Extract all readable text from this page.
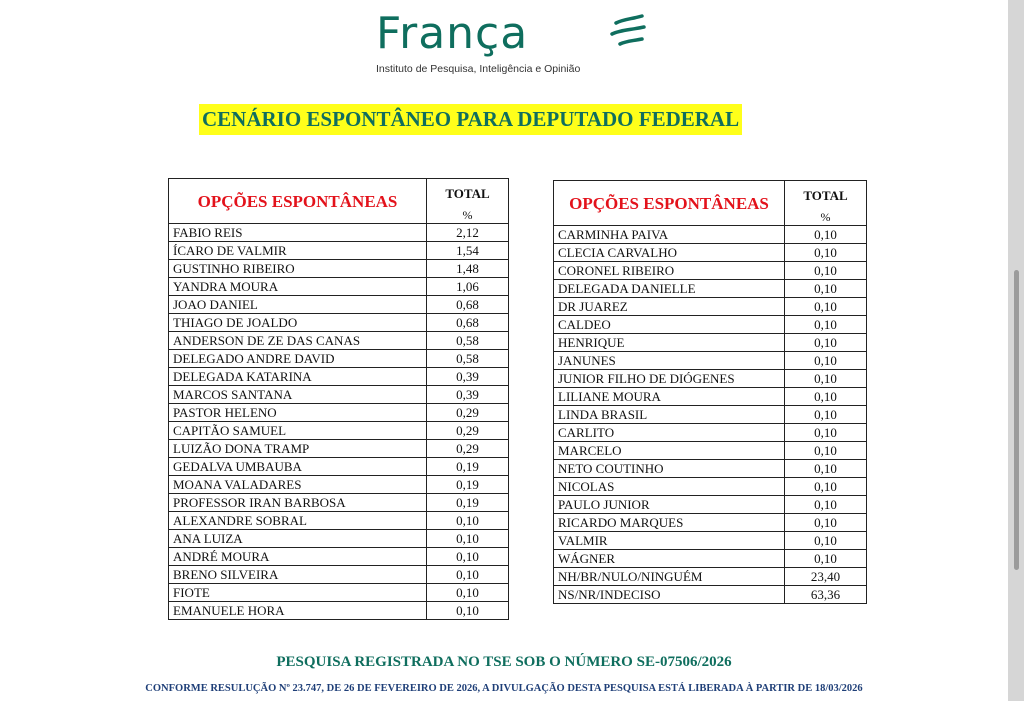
França
Instituto de Pesquisa, Inteligência e Opinião
CENÁRIO ESPONTÂNEO PARA DEPUTADO FEDERAL
OPÇÕES ESPONTÂNEAS	TOTAL
	%
FABIO REIS	2,12
ÍCARO DE VALMIR	1,54
GUSTINHO RIBEIRO	1,48
YANDRA MOURA	1,06
JOAO DANIEL	0,68
THIAGO DE JOALDO	0,68
ANDERSON DE ZE DAS CANAS	0,58
DELEGADO ANDRE DAVID	0,58
DELEGADA KATARINA	0,39
MARCOS SANTANA	0,39
PASTOR HELENO	0,29
CAPITÃO SAMUEL	0,29
LUIZÃO DONA TRAMP	0,29
GEDALVA UMBAUBA	0,19
MOANA VALADARES	0,19
PROFESSOR IRAN BARBOSA	0,19
ALEXANDRE SOBRAL	0,10
ANA LUIZA	0,10
ANDRÉ MOURA	0,10
BRENO SILVEIRA	0,10
FIOTE	0,10
EMANUELE HORA	0,10
OPÇÕES ESPONTÂNEAS	TOTAL
	%
CARMINHA PAIVA	0,10
CLECIA CARVALHO	0,10
CORONEL RIBEIRO	0,10
DELEGADA DANIELLE	0,10
DR JUAREZ	0,10
CALDEO	0,10
HENRIQUE	0,10
JANUNES	0,10
JUNIOR FILHO DE DIÓGENES	0,10
LILIANE MOURA	0,10
LINDA BRASIL	0,10
CARLITO	0,10
MARCELO	0,10
NETO COUTINHO	0,10
NICOLAS	0,10
PAULO JUNIOR	0,10
RICARDO MARQUES	0,10
VALMIR	0,10
WÁGNER	0,10
NH/BR/NULO/NINGUÉM	23,40
NS/NR/INDECISO	63,36
PESQUISA REGISTRADA NO TSE SOB O NÚMERO SE-07506/2026
CONFORME RESULUÇÃO Nº 23.747, DE 26 DE FEVEREIRO DE 2026, A DIVULGAÇÃO DESTA PESQUISA ESTÁ LIBERADA À PARTIR DE 18/03/2026
